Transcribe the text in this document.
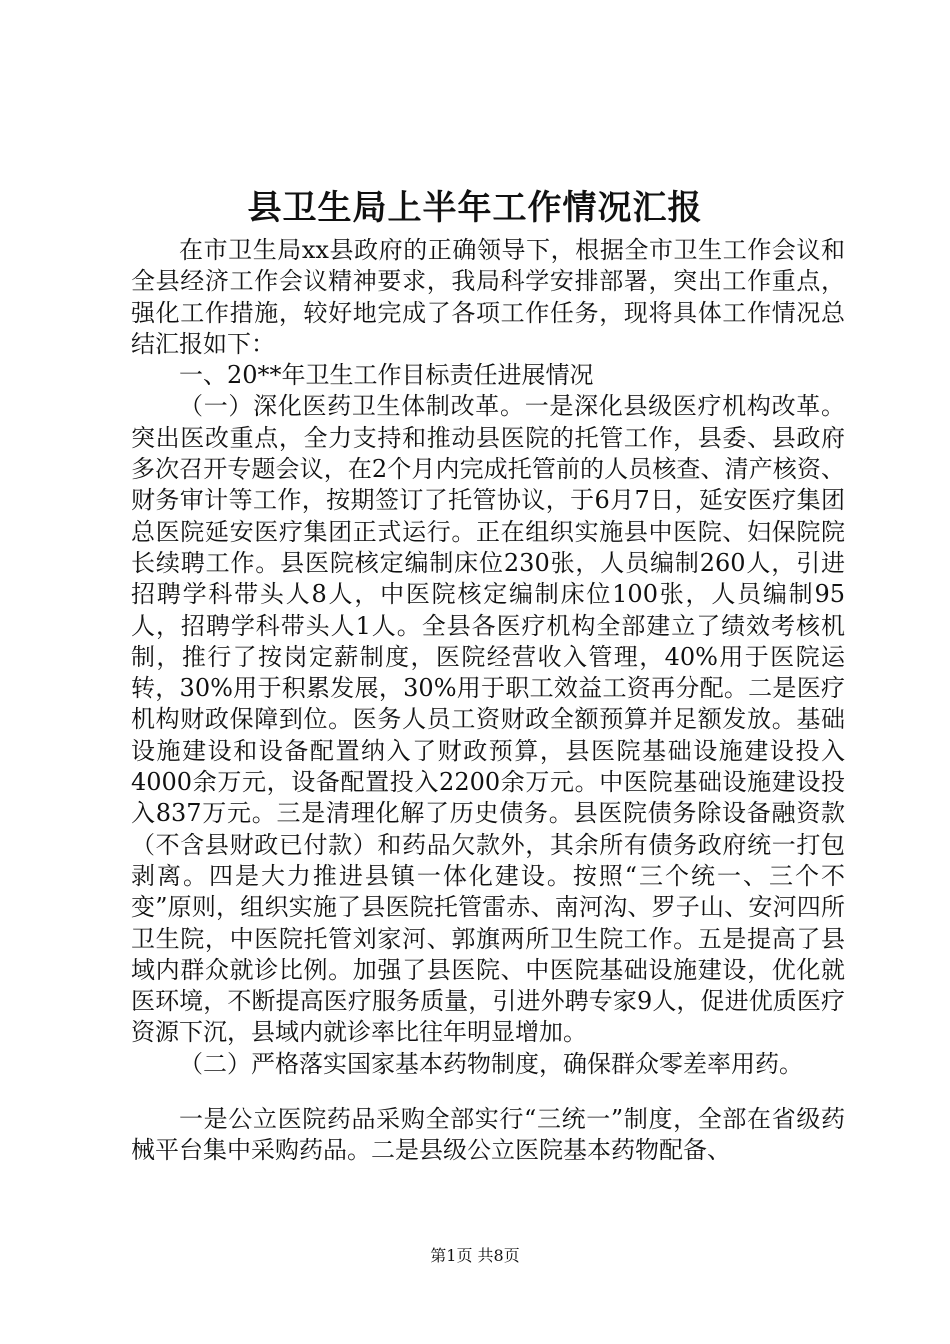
县卫生局上半年工作情况汇报

在市卫生局xx县政府的正确领导下，根据全市卫生工作会议和全县经济工作会议精神要求，我局科学安排部署，突出工作重点，强化工作措施，较好地完成了各项工作任务，现将具体工作情况总结汇报如下：

一、20**年卫生工作目标责任进展情况

（一）深化医药卫生体制改革。一是深化县级医疗机构改革。突出医改重点，全力支持和推动县医院的托管工作，县委、县政府多次召开专题会议，在2个月内完成托管前的人员核查、清产核资、财务审计等工作，按期签订了托管协议，于6月7日，延安医疗集团总医院延安医疗集团正式运行。正在组织实施县中医院、妇保院院长续聘工作。县医院核定编制床位230张，人员编制260人，引进招聘学科带头人8人，中医院核定编制床位100张，人员编制95人，招聘学科带头人1人。全县各医疗机构全部建立了绩效考核机制，推行了按岗定薪制度，医院经营收入管理，40%用于医院运转，30%用于积累发展，30%用于职工效益工资再分配。二是医疗机构财政保障到位。医务人员工资财政全额预算并足额发放。基础设施建设和设备配置纳入了财政预算，县医院基础设施建设投入4000余万元，设备配置投入2200余万元。中医院基础设施建设投入837万元。三是清理化解了历史债务。县医院债务除设备融资款（不含县财政已付款）和药品欠款外，其余所有债务政府统一打包剥离。四是大力推进县镇一体化建设。按照“三个统一、三个不变”原则，组织实施了县医院托管雷赤、南河沟、罗子山、安河四所卫生院，中医院托管刘家河、郭旗两所卫生院工作。五是提高了县域内群众就诊比例。加强了县医院、中医院基础设施建设，优化就医环境，不断提高医疗服务质量，引进外聘专家9人，促进优质医疗资源下沉，县域内就诊率比往年明显增加。

（二）严格落实国家基本药物制度，确保群众零差率用药。

一是公立医院药品采购全部实行“三统一”制度，全部在省级药械平台集中采购药品。二是县级公立医院基本药物配备、

第1页 共8页
